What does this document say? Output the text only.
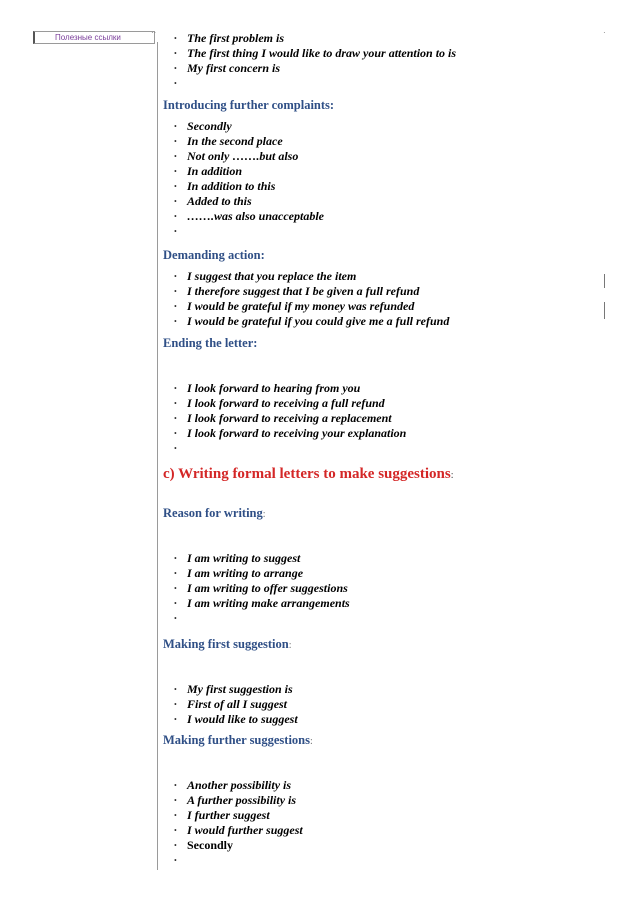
Полезные ссылки
··	·
• The first problem is
• The first thing I would like to draw your attention to is
• My first concern is
•
Introducing further complaints:
• Secondly
• In the second place
• Not only …….but also
• In addition
• In addition to this
• Added to this
• …….was also unacceptable
•
Demanding action:
• I suggest that you replace the item
• I therefore suggest that I be given a full refund
• I would be grateful if my money was refunded
• I would be grateful if you could give me a full refund
Ending the letter:
• I look forward to hearing from you
• I look forward to receiving a full refund
• I look forward to receiving a replacement
• I look forward to receiving your explanation
•
c) Writing formal letters to make suggestions:
Reason for writing:
• I am writing to suggest
• I am writing to arrange
• I am writing to offer suggestions
• I am writing make arrangements
•
Making first suggestion:
• My first suggestion is
• First of all I suggest
• I would like to suggest
Making further suggestions:
• Another possibility is
• A further possibility is
• I further suggest
• I would further suggest
• Secondly
•
